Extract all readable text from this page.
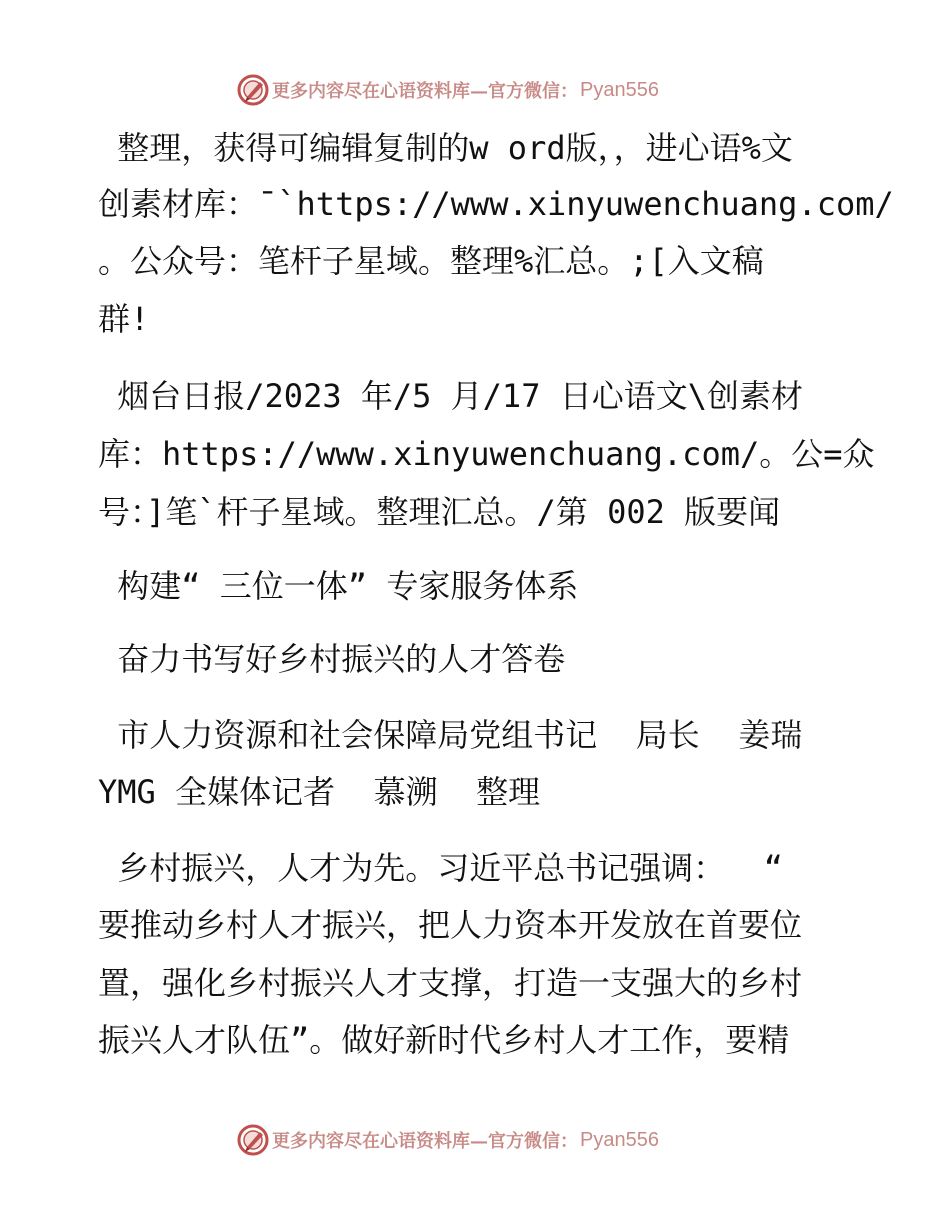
更多内容尽在心语资料库—官方微信： Pyan556
整理，获得可编辑复制的w ord版，，进心语%文
创素材库：¯`https://www.xinyuwenchuang.com/
。公众号：笔杆子星域。整理%汇总。;[入文稿
群!
烟台日报/2023 年/5 月/17 日心语文\创素材
库：https://www.xinyuwenchuang.com/。公=众
号：]笔`杆子星域。整理汇总。/第 002 版要闻
构建“ 三位一体” 专家服务体系
奋力书写好乡村振兴的人才答卷
市人力资源和社会保障局党组书记  局长  姜瑞
YMG 全媒体记者  慕溯  整理
乡村振兴，人才为先。习近平总书记强调：  “
要推动乡村人才振兴，把人力资本开发放在首要位
置，强化乡村振兴人才支撑，打造一支强大的乡村
振兴人才队伍”。做好新时代乡村人才工作，要精
更多内容尽在心语资料库—官方微信： Pyan556
